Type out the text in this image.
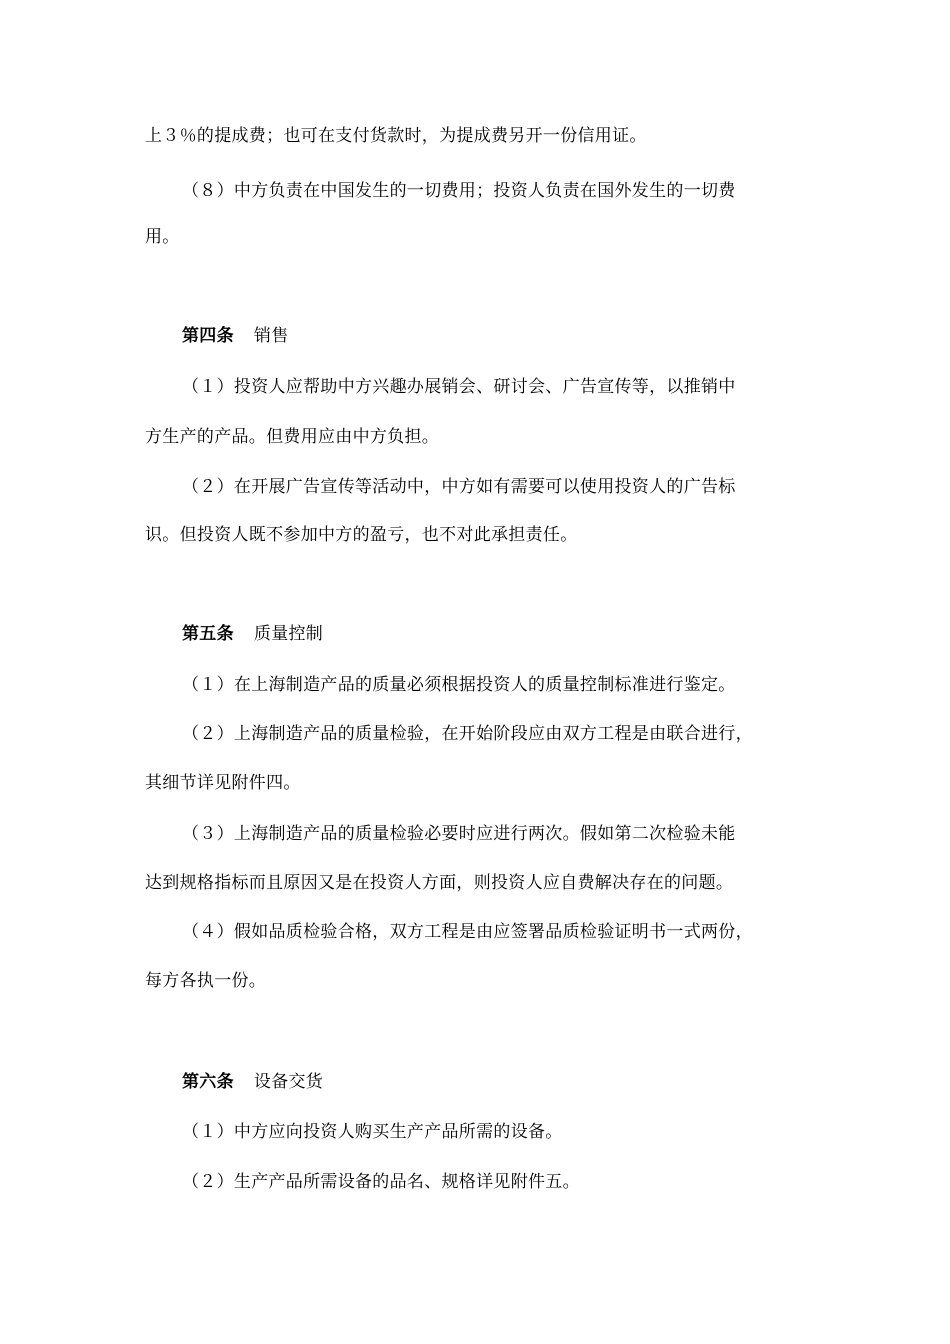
上３％的提成费；也可在支付货款时，为提成费另开一份信用证。
（８）中方负责在中国发生的一切费用；投资人负责在国外发生的一切费
用。
第四条 销售
（１）投资人应帮助中方兴趣办展销会、研讨会、广告宣传等，以推销中
方生产的产品。但费用应由中方负担。
（２）在开展广告宣传等活动中，中方如有需要可以使用投资人的广告标
识。但投资人既不参加中方的盈亏，也不对此承担责任。
第五条 质量控制
（１）在上海制造产品的质量必须根据投资人的质量控制标准进行鉴定。
（２）上海制造产品的质量检验，在开始阶段应由双方工程是由联合进行，
其细节详见附件四。
（３）上海制造产品的质量检验必要时应进行两次。假如第二次检验未能
达到规格指标而且原因又是在投资人方面，则投资人应自费解决存在的问题。
（４）假如品质检验合格，双方工程是由应签署品质检验证明书一式两份，
每方各执一份。
第六条 设备交货
（１）中方应向投资人购买生产产品所需的设备。
（２）生产产品所需设备的品名、规格详见附件五。
